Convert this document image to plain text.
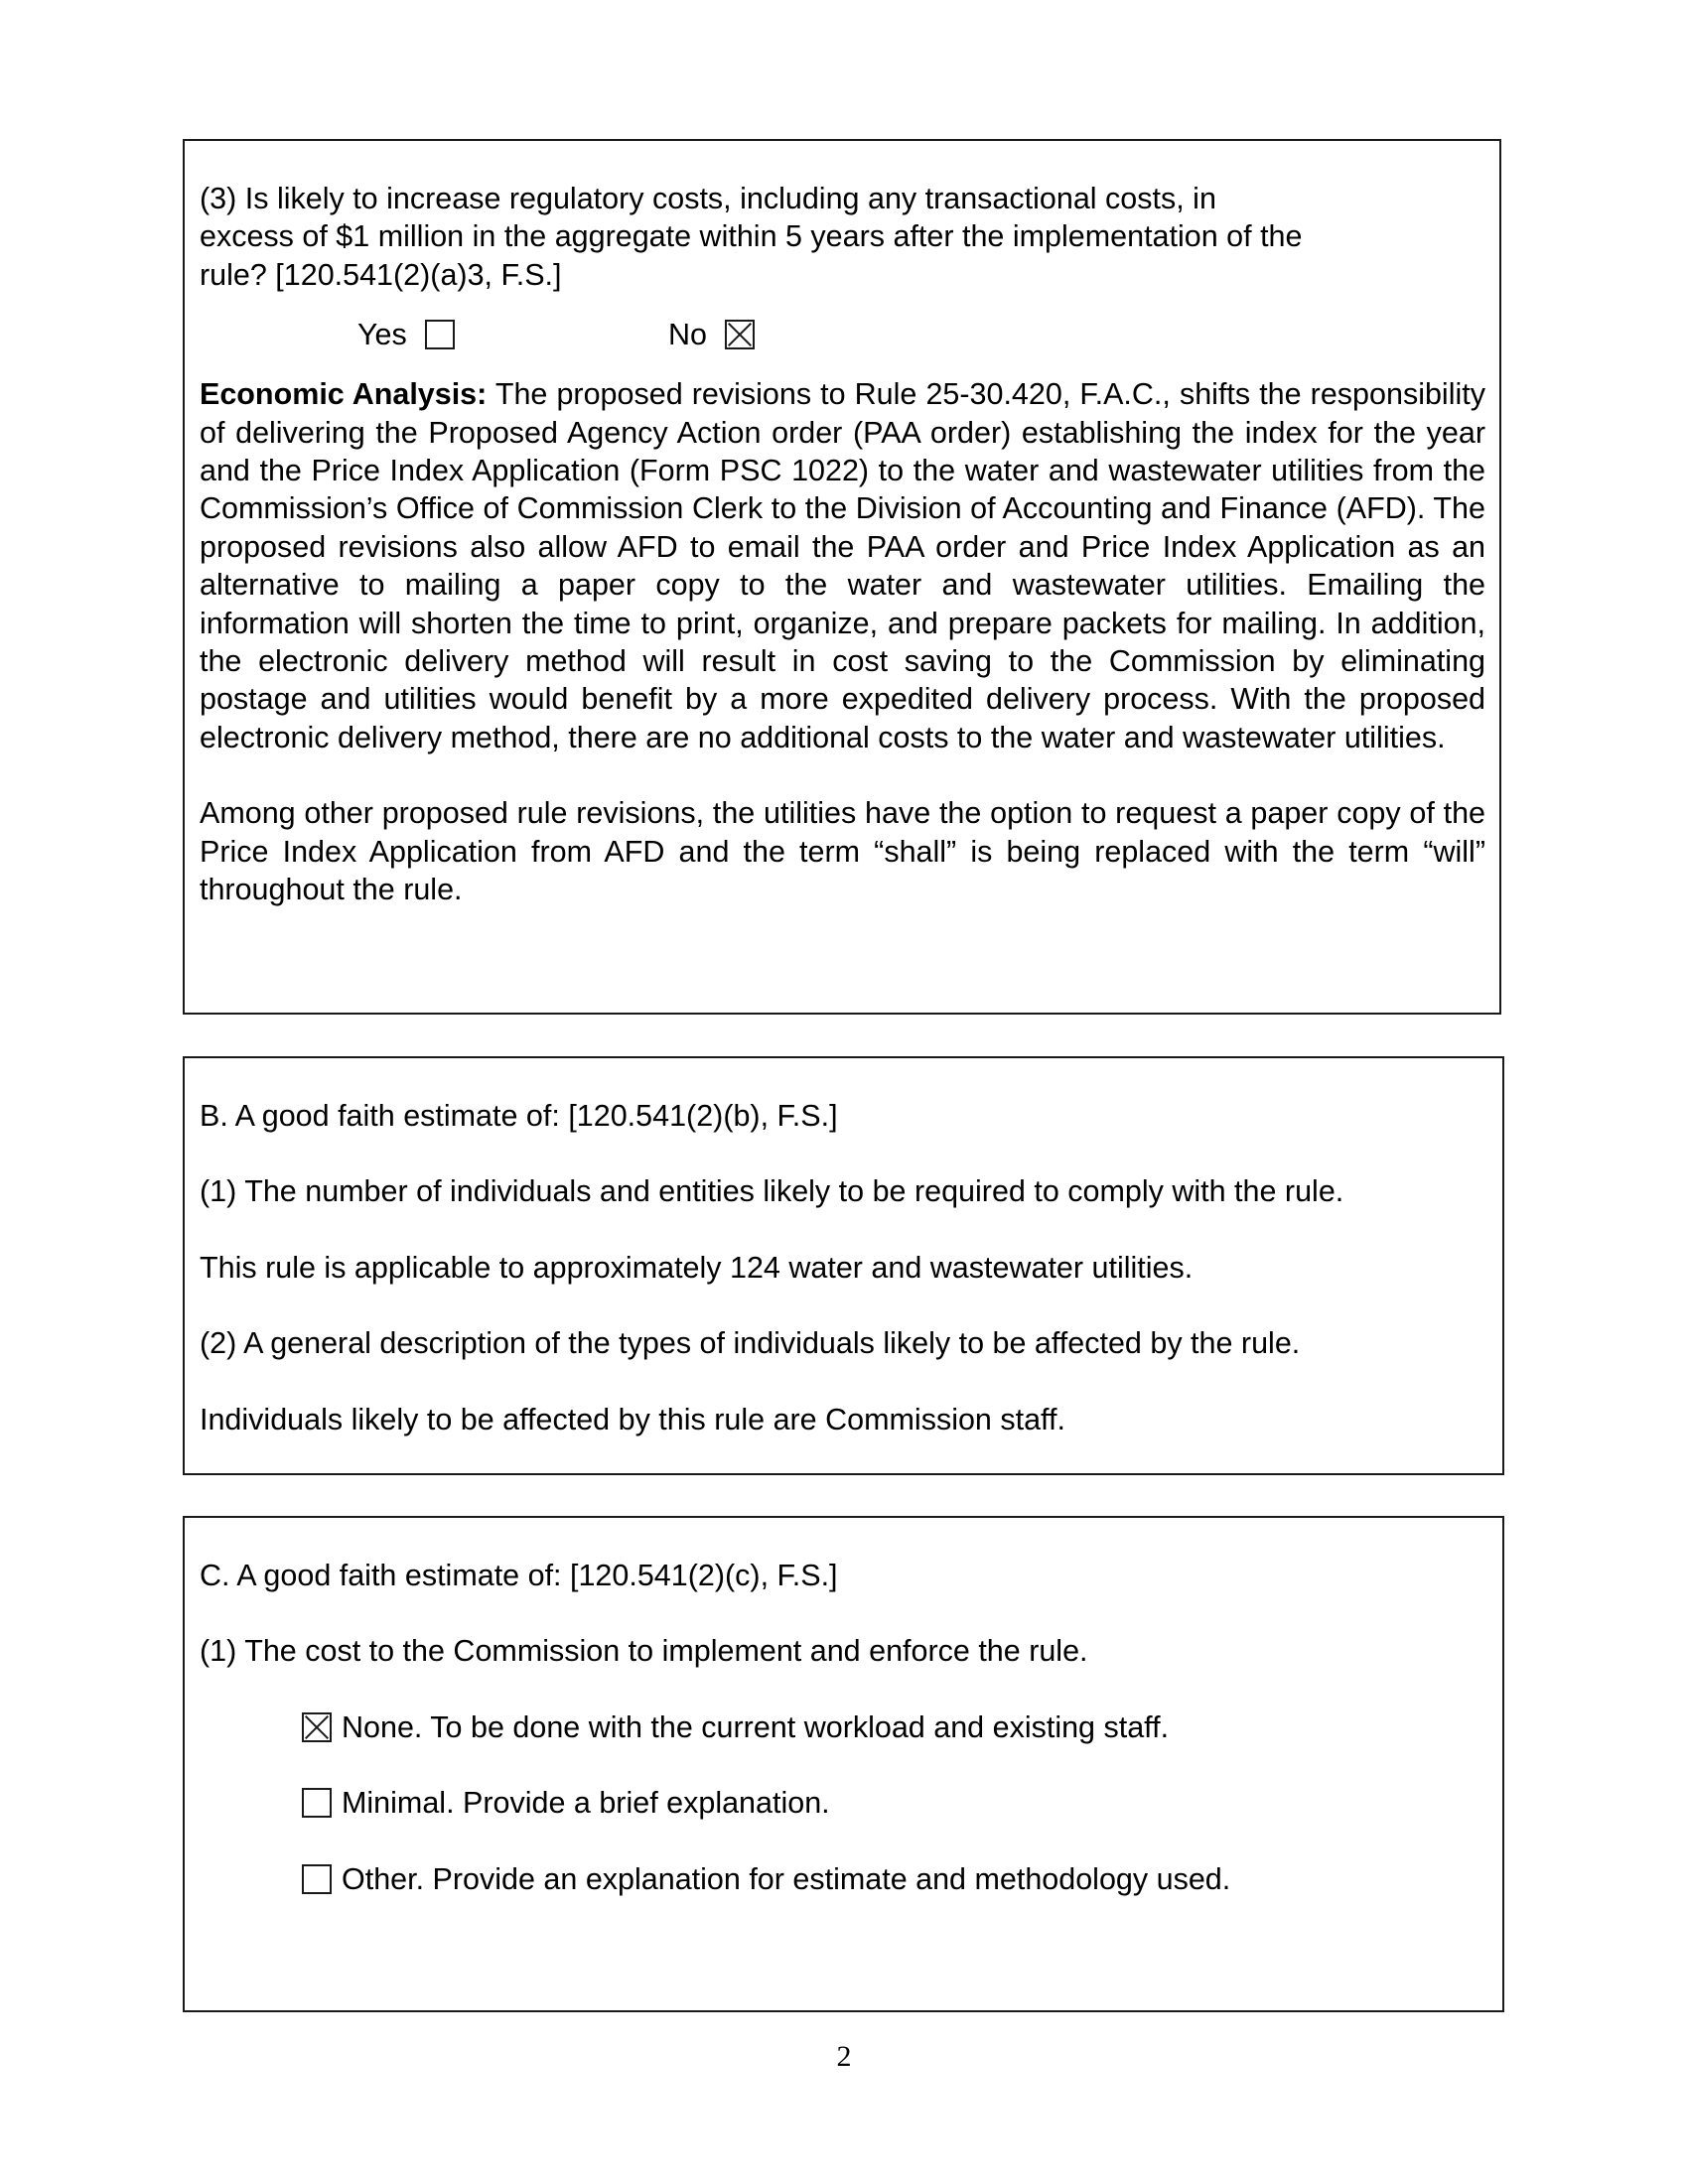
(3) Is likely to increase regulatory costs, including any transactional costs, in
excess of $1 million in the aggregate within 5 years after the implementation of the
rule? [120.541(2)(a)3, F.S.]

Yes	No

Economic Analysis: The proposed revisions to Rule 25-30.420, F.A.C., shifts the responsibility of delivering the Proposed Agency Action order (PAA order) establishing the index for the year and the Price Index Application (Form PSC 1022) to the water and wastewater utilities from the Commission’s Office of Commission Clerk to the Division of Accounting and Finance (AFD). The proposed revisions also allow AFD to email the PAA order and Price Index Application as an alternative to mailing a paper copy to the water and wastewater utilities. Emailing the information will shorten the time to print, organize, and prepare packets for mailing. In addition, the electronic delivery method will result in cost saving to the Commission by eliminating postage and utilities would benefit by a more expedited delivery process. With the proposed electronic delivery method, there are no additional costs to the water and wastewater utilities.

Among other proposed rule revisions, the utilities have the option to request a paper copy of the Price Index Application from AFD and the term “shall” is being replaced with the term “will” throughout the rule.

B. A good faith estimate of: [120.541(2)(b), F.S.]

(1) The number of individuals and entities likely to be required to comply with the rule.

This rule is applicable to approximately 124 water and wastewater utilities.

(2) A general description of the types of individuals likely to be affected by the rule.

Individuals likely to be affected by this rule are Commission staff.

C. A good faith estimate of: [120.541(2)(c), F.S.]

(1) The cost to the Commission to implement and enforce the rule.

None. To be done with the current workload and existing staff.
Minimal. Provide a brief explanation.
Other. Provide an explanation for estimate and methodology used.
2
